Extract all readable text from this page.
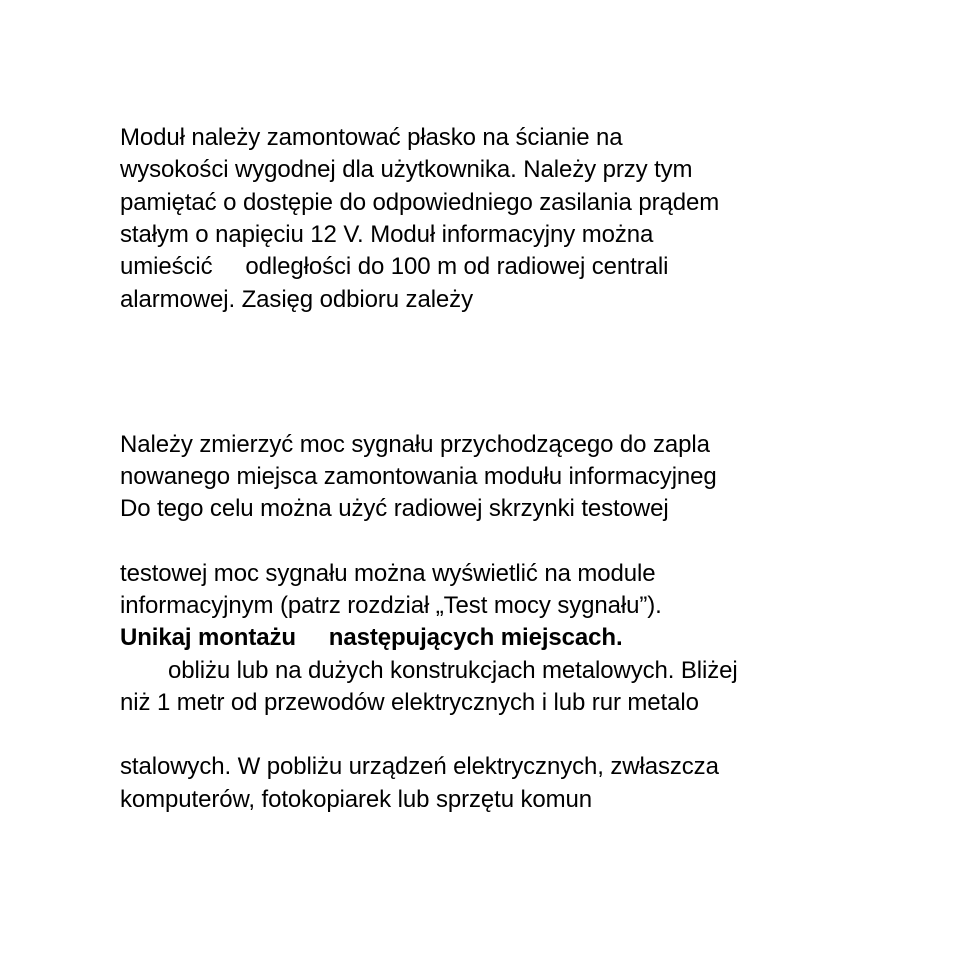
Moduł należy zamontować płasko na ścianie na
wysokości wygodnej dla użytkownika. Należy przy tym
pamiętać o dostępie do odpowiedniego zasilania prądem
stałym o napięciu 12 V. Moduł informacyjny można
umieścić     odległości do 100 m od radiowej centrali
alarmowej. Zasięg odbioru zależy
Należy zmierzyć moc sygnału przychodzącego do zapla
nowanego miejsca zamontowania modułu informacyjneg
Do tego celu można użyć radiowej skrzynki testowej
testowej moc sygnału można wyświetlić na module
informacyjnym (patrz rozdział „Test mocy sygnału”).
Unikaj montażu     następujących miejscach.
obliżu lub na dużych konstrukcjach metalowych. Bliżej
niż 1 metr od przewodów elektrycznych i lub rur metalo
stalowych. W pobliżu urządzeń elektrycznych, zwłaszcza
komputerów, fotokopiarek lub sprzętu komun
